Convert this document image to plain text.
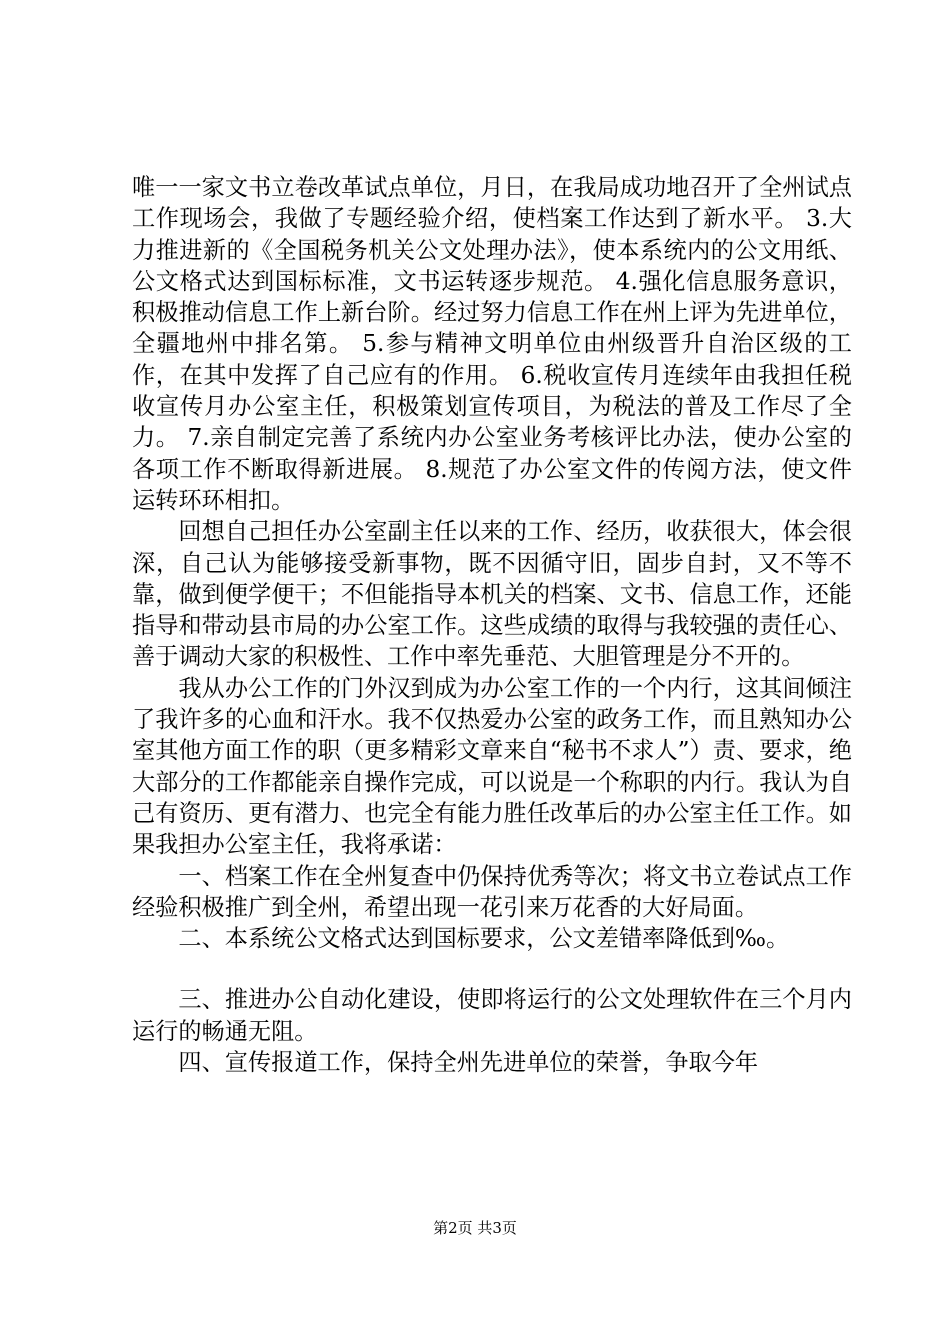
唯一一家文书立卷改革试点单位，月日，在我局成功地召开了全州试点工作现场会，我做了专题经验介绍，使档案工作达到了新水平。 3.大力推进新的《全国税务机关公文处理办法》，使本系统内的公文用纸、公文格式达到国标标准，文书运转逐步规范。 4.强化信息服务意识，积极推动信息工作上新台阶。经过努力信息工作在州上评为先进单位，全疆地州中排名第。 5.参与精神文明单位由州级晋升自治区级的工作，在其中发挥了自己应有的作用。 6.税收宣传月连续年由我担任税收宣传月办公室主任，积极策划宣传项目，为税法的普及工作尽了全力。 7.亲自制定完善了系统内办公室业务考核评比办法，使办公室的各项工作不断取得新进展。 8.规范了办公室文件的传阅方法，使文件运转环环相扣。

回想自己担任办公室副主任以来的工作、经历，收获很大，体会很深，自己认为能够接受新事物，既不因循守旧，固步自封，又不等不靠，做到便学便干；不但能指导本机关的档案、文书、信息工作，还能指导和带动县市局的办公室工作。这些成绩的取得与我较强的责任心、善于调动大家的积极性、工作中率先垂范、大胆管理是分不开的。

我从办公工作的门外汉到成为办公室工作的一个内行，这其间倾注了我许多的心血和汗水。我不仅热爱办公室的政务工作，而且熟知办公室其他方面工作的职（更多精彩文章来自“秘书不求人”）责、要求，绝大部分的工作都能亲自操作完成，可以说是一个称职的内行。我认为自己有资历、更有潜力、也完全有能力胜任改革后的办公室主任工作。如果我担办公室主任，我将承诺：

一、档案工作在全州复查中仍保持优秀等次；将文书立卷试点工作经验积极推广到全州，希望出现一花引来万花香的大好局面。

二、本系统公文格式达到国标要求，公文差错率降低到‰。

三、推进办公自动化建设，使即将运行的公文处理软件在三个月内运行的畅通无阻。

四、宣传报道工作，保持全州先进单位的荣誉，争取今年

第2页 共3页
